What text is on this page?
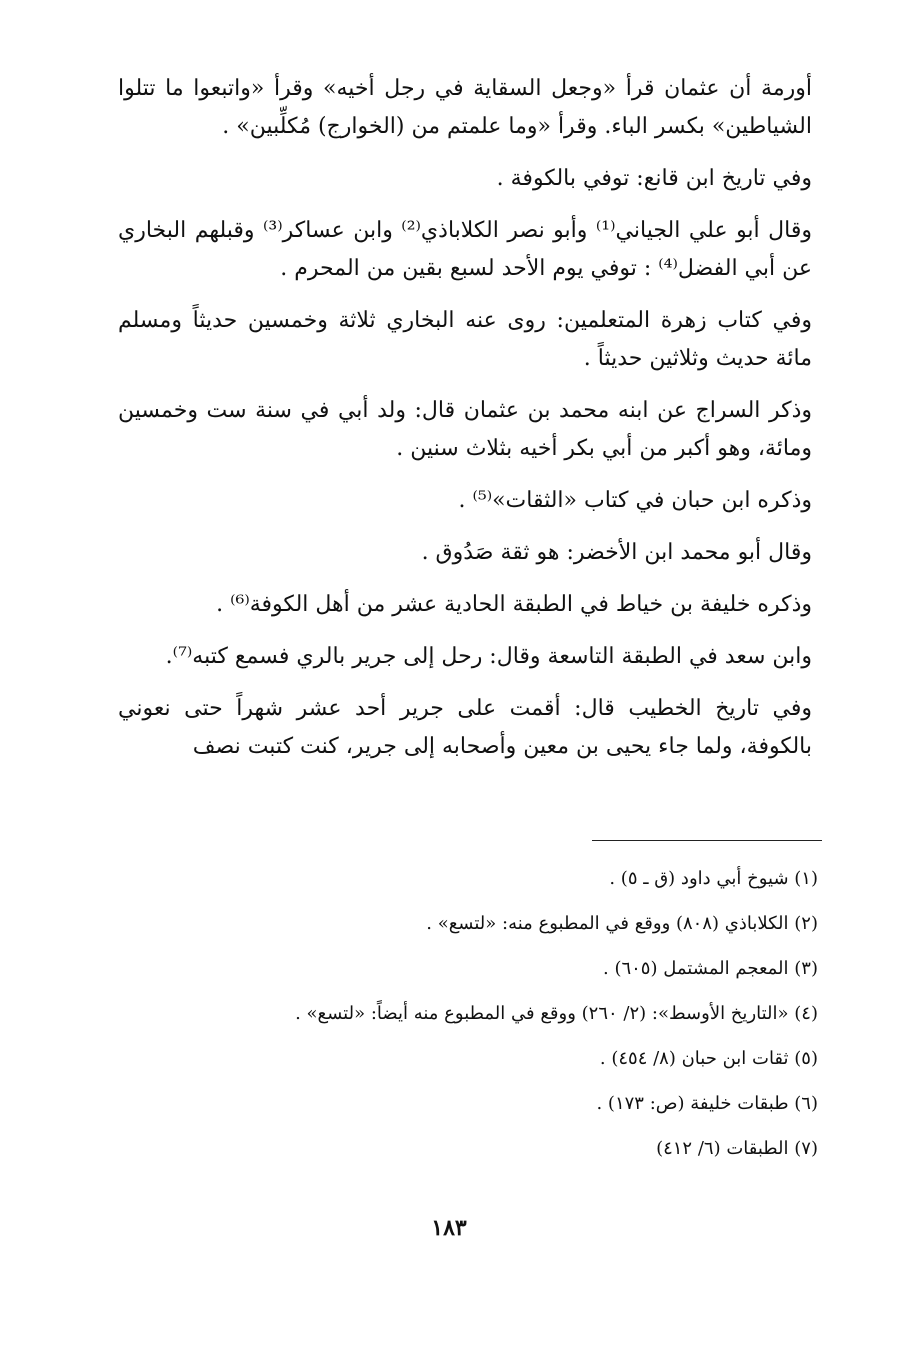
أورمة أن عثمان قرأ «وجعل السقاية في رجل أخيه» وقرأ «واتبعوا ما تتلوا الشياطين» بكسر الباء. وقرأ «وما علمتم من (الخوارج) مُكلِّبين» .

وفي تاريخ ابن قانع: توفي بالكوفة .

وقال أبو علي الجياني⁽¹⁾ وأبو نصر الكلاباذي⁽²⁾ وابن عساكر⁽³⁾ وقبلهم البخاري عن أبي الفضل⁽⁴⁾ : توفي يوم الأحد لسبع بقين من المحرم .

وفي كتاب زهرة المتعلمين: روى عنه البخاري ثلاثة وخمسين حديثاً ومسلم مائة حديث وثلاثين حديثاً .

وذكر السراج عن ابنه محمد بن عثمان قال: ولد أبي في سنة ست وخمسين ومائة، وهو أكبر من أبي بكر أخيه بثلاث سنين .

وذكره ابن حبان في كتاب «الثقات»⁽⁵⁾ .

وقال أبو محمد ابن الأخضر: هو ثقة صَدُوق .

وذكره خليفة بن خياط في الطبقة الحادية عشر من أهل الكوفة⁽⁶⁾ .

وابن سعد في الطبقة التاسعة وقال: رحل إلى جرير بالري فسمع كتبه⁽⁷⁾.

وفي تاريخ الخطيب قال: أقمت على جرير أحد عشر شهراً حتى نعوني بالكوفة، ولما جاء يحيى بن معين وأصحابه إلى جرير، كنت كتبت نصف

(١) شيوخ أبي داود (ق ـ ٥) .
(٢) الكلاباذي (٨٠٨) ووقع في المطبوع منه: «لتسع» .
(٣) المعجم المشتمل (٦٠٥) .
(٤) «التاريخ الأوسط»: (٢/ ٢٦٠) ووقع في المطبوع منه أيضاً: «لتسع» .
(٥) ثقات ابن حبان (٨/ ٤٥٤) .
(٦) طبقات خليفة (ص: ١٧٣) .
(٧) الطبقات (٦/ ٤١٢)
١٨٣
